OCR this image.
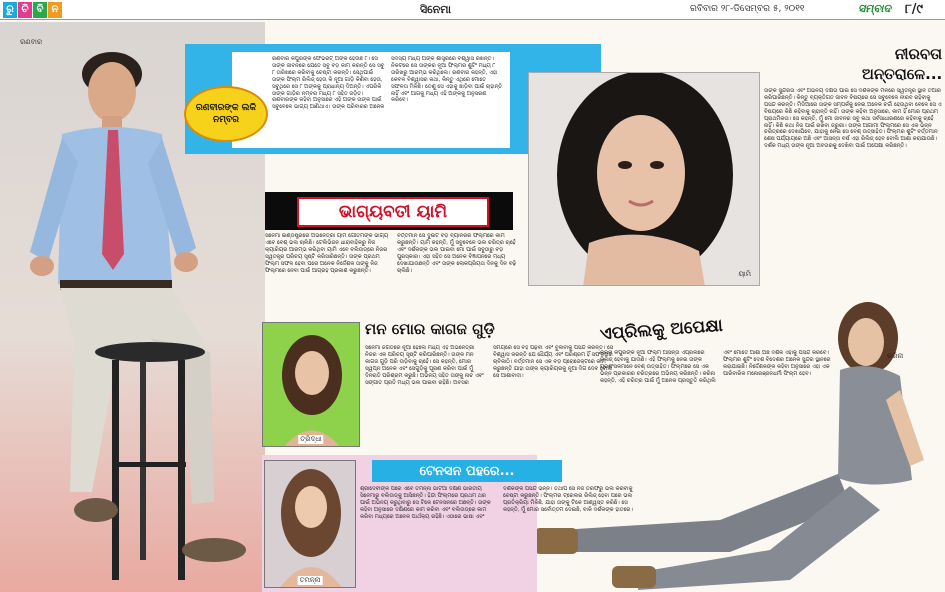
ରୁ ଚି ବି ନ	ସିନେମା	ରବିବାର ୨୮-ଡିସେମ୍ବର ୫, ୨୦୧୧	ସମ୍ବାଦ ୮/୯
ରଣବୀର
ରଣବୀରଙ୍କ ଲକି ନମ୍ବର
ରଣବୀର କପୁରଙ୍କ ଫେଭରିଟ୍ ଅଙ୍କ ହେଉଛି ୮। ସେ ତାଙ୍କ ଜୀବନରେ ଯେତେ ସବୁ ବଡ଼ କାମ କରନ୍ତି ସେ ସବୁ ୮ ତାରିଖରେ କରିବାକୁ ଚେଷ୍ଟା କରନ୍ତି। ସେଥିପାଇଁ ତାଙ୍କ ଫିଲ୍ମ ରିଲିଜ୍ ହେଉ କି ନୂଆ ଗାଡ଼ି କିଣିବା ହେଉ, ସବୁଥିରେ ସେ ୮ ଅଙ୍କକୁ ପ୍ରାଧାନ୍ୟ ଦିଅନ୍ତି। ଏପରିକି ତାଙ୍କ ଗାଡ଼ିର ନମ୍ବର ମଧ୍ୟ ୮ ସହିତ ଜଡ଼ିତ। ରଣବୀରଙ୍କ କହିବା ଅନୁସାରେ ଏହି ଅଙ୍କ ତାଙ୍କ ପାଇଁ ସବୁବେଳେ ଭାଗ୍ୟ ଆଣିଥାଏ। ତାଙ୍କ ପରିବାରର ଅନେକ ସଦସ୍ୟ ମଧ୍ୟ ଅଙ୍କ ଶାସ୍ତ୍ରରେ ବିଶ୍ୱାସ ରଖନ୍ତି। ନିକଟରେ ସେ ତାଙ୍କର ନୂଆ ଫିଲ୍ମର ଶୁଟିଂ ମଧ୍ୟ ୮ ତାରିଖରୁ ଆରମ୍ଭ କରିଥିଲେ। ରଣବୀର କହନ୍ତି, ଏହା କେବଳ ବିଶ୍ୱାସର କଥା, କିନ୍ତୁ ଏଥିରେ ମୋତେ ସଫଳତା ମିଳିଛି। ତେଣୁ ସେ ଏହାକୁ ଛାଡ଼ିବା ପାଇଁ ଚାହାନ୍ତି ନାହିଁ ଏବଂ ଆଗକୁ ମଧ୍ୟ ଏହି ଅଙ୍କକୁ ଅନୁସରଣ କରିବେ।
ଭାଗ୍ୟବତୀ ୟାମି
ସିନେମା ଇଣ୍ଡଷ୍ଟ୍ରିରେ ଅଭିନେତ୍ରୀ ୟାମି ଗୌତମଙ୍କ ଭାଗ୍ୟ ଏବେ ବେଶ୍ ଭଲ ଚାଲିଛି। ଟେଲିଭିଜନ ଧାରାବାହିକରୁ ନିଜ କ୍ୟାରିୟର ଆରମ୍ଭ କରିଥିବା ୟାମି ଏବେ ବଲିଉଡ୍‌ରେ ନିଜର ସ୍ୱତନ୍ତ୍ର ପରିଚୟ ସୃଷ୍ଟି କରିସାରିଛନ୍ତି। ତାଙ୍କ ପ୍ରଥମ ଫିଲ୍ମ ସଫଳ ହେବା ପରେ ଅନେକ ନିର୍ଦ୍ଦେଶକ ତାଙ୍କୁ ନିଜ ଫିଲ୍ମରେ ନେବା ପାଇଁ ଆଗ୍ରହ ପ୍ରକାଶ କରୁଛନ୍ତି। ବର୍ତ୍ତମାନ ସେ ଦୁଇଟି ବଡ଼ ବ୍ୟାନରର ଫିଲ୍ମରେ କାମ କରୁଛନ୍ତି। ୟାମି କହନ୍ତି, ମୁଁ ସବୁବେଳେ ଭଲ ଚରିତ୍ର ଚାହେଁ ଏବଂ ଦର୍ଶକଙ୍କ ଭଲ ପାଇବା ମୋ ପାଇଁ ସବୁଠାରୁ ବଡ଼ ପୁରସ୍କାର। ଏହା ସହିତ ସେ ଅନେକ ବିଜ୍ଞାପନରେ ମଧ୍ୟ ଦେଖାଯାଉଛନ୍ତି ଏବଂ ତାଙ୍କ ଲୋକପ୍ରିୟତା ଦିନକୁ ଦିନ ବଢ଼ି ଚାଲିଛି।	ୟାମି
ନୀରବତା
ଅନ୍ତରାଳେ...
ତାଙ୍କ ସୁନ୍ଦରତା ଏବଂ ଅଭିନୟ ଦକ୍ଷତା ପାଇଁ ସେ ଦର୍ଶକଙ୍କ ମନରେ ସ୍ୱତନ୍ତ୍ର ସ୍ଥାନ ତିଆରି କରିପାରିଛନ୍ତି। କିନ୍ତୁ ବ୍ୟକ୍ତିଗତ ଜୀବନ ବିଷୟରେ ସେ ସବୁବେଳେ ନୀରବ ରହିବାକୁ ପସନ୍ଦ କରନ୍ତି। ମିଡିଆରେ ତାଙ୍କ ସମ୍ପର୍କକୁ ନେଇ ଅନେକ ଚର୍ଚ୍ଚା ହେଉଥିବା ବେଳେ ସେ ଏ ବିଷୟରେ କିଛି କହିବାକୁ ଚାହାନ୍ତି ନାହିଁ। ତାଙ୍କ କହିବା ଅନୁସାରେ, କାମ ହିଁ ମୋର ପ୍ରଥମ ପ୍ରାଥମିକତା। ସେ କହନ୍ତି, ମୁଁ ମୋ ଜୀବନର ସବୁ କଥା ସର୍ବସାଧାରଣରେ କହିବାକୁ ଚାହେଁ ନାହିଁ। କିଛି କଥା ନିଜ ପାଇଁ ରଖିବା ଜରୁରୀ। ତାଙ୍କ ଆଗାମୀ ଫିଲ୍ମରେ ସେ ଏକ ଭିନ୍ନ ଚରିତ୍ରରେ ଦେଖାଯିବେ, ଯାହାକୁ ନେଇ ସେ ବେଶ୍ ଉତ୍ସାହିତ। ଫିଲ୍ମର ଶୁଟିଂ ବର୍ତ୍ତମାନ ଶେଷ ପର୍ଯ୍ୟାୟରେ ଅଛି ଏବଂ ଆସନ୍ତା ବର୍ଷ ଏହା ରିଲିଜ୍ ହେବ ବୋଲି ଆଶା କରାଯାଉଛି। ଦର୍ଶକ ମଧ୍ୟ ତାଙ୍କ ନୂଆ ଅବତାରକୁ ଦେଖିବା ପାଇଁ ଅପେକ୍ଷା କରିଛନ୍ତି।
ତ୍ରିଦ୍ଧା
ମନ ମୋର କାଗଜ ଗୁଡ଼ି
ସିନେମା ଜଗତରେ ନୂଆ ହେଲେ ମଧ୍ୟ ଏହି ଅଭିନେତ୍ରୀ ନିଜର ଏକ ପରିଚୟ ସୃଷ୍ଟି କରିପାରିଛନ୍ତି। ତାଙ୍କ ମନ କାଗଜ ଗୁଡ଼ି ପରି ଉଡ଼ିବାକୁ ଚାହେଁ। ସେ କହନ୍ତି, ମୋର ସ୍ୱପ୍ନ ଅନେକ ଏବଂ ସେଗୁଡ଼ିକୁ ପୂରଣ କରିବା ପାଇଁ ମୁଁ ଦିନରାତି ପରିଶ୍ରମ କରୁଛି। ଅଭିନୟ ସହିତ ତାଙ୍କୁ ନାଚ ଏବଂ ସଙ୍ଗୀତ ପ୍ରତି ମଧ୍ୟ ଭଲ ପାଇବା ରହିଛି। ଅବସର ସମୟରେ ସେ ବହି ପଢ଼ିବା ଏବଂ ବୁଲିବାକୁ ପସନ୍ଦ କରନ୍ତି। ସେ ବିଶ୍ୱାସ କରନ୍ତି ଯେ ଧୈର୍ଯ୍ୟ ଏବଂ ପରିଶ୍ରମ ହିଁ ସଫଳତାର ଚାବିକାଠି। ବର୍ତ୍ତମାନ ସେ ଏକ ବଡ଼ ପ୍ରୋଜେକ୍ଟରେ କାମ କରୁଛନ୍ତି ଯାହା ତାଙ୍କ କ୍ୟାରିୟରକୁ ନୂଆ ଦିଗ ଦେବ ବୋଲି ସେ ଆଶାବାଦୀ।
ଏପ୍ରିଲକୁ ଅପେକ୍ଷା
କରିନା କପୁରଙ୍କ ନୂଆ ଫିଲ୍ମ ଆସନ୍ତା ଏପ୍ରିଲରେ ରିଲିଜ୍ ହେବାକୁ ଯାଉଛି। ଏହି ଫିଲ୍ମକୁ ନେଇ ତାଙ୍କ ପ୍ରଶଂସକମାନେ ବେଶ୍ ଉତ୍ସାହିତ। ଫିଲ୍ମରେ ସେ ଏକ ଭିନ୍ନ ପ୍ରକାରର ଚରିତ୍ରରେ ଅଭିନୟ କରିଛନ୍ତି। କରିନା କହନ୍ତି, ଏହି ଚରିତ୍ର ପାଇଁ ମୁଁ ଅନେକ ପ୍ରସ୍ତୁତି କରିଥିଲି ଏବଂ ମୋତେ ଆଶା ଅଛି ଦର୍ଶକ ଏହାକୁ ପସନ୍ଦ କରିବେ। ଫିଲ୍ମର ଶୁଟିଂ ଦେଶ ବିଦେଶର ଅନେକ ସୁନ୍ଦର ସ୍ଥାନରେ କରାଯାଇଛି। ନିର୍ଦ୍ଦେଶକଙ୍କ କହିବା ଅନୁସାରେ ଏହା ଏକ ପାରିବାରିକ ମନୋରଞ୍ଜନଧର୍ମୀ ଫିଲ୍ମ ହେବ।
କରିନା
ତମନ୍ନା
ଟେନସନ ପହରେ...
ଶ୍ରୀଦେବୀଙ୍କ ପରେ ଏବେ ତମନ୍ନା ଭାଟିଆ ଦକ୍ଷିଣ ଭାରତୀୟ ସିନେମାରୁ ବଲିଉଡ୍‌କୁ ଆସିଛନ୍ତି। ହିନ୍ଦୀ ଫିଲ୍ମରେ ପ୍ରଥମ ଥର ପାଇଁ ଅଭିନୟ କରୁଥିବାରୁ ସେ ଟିକେ ଟେନସନରେ ଅଛନ୍ତି। ତାଙ୍କ କହିବା ଅନୁସାରେ ଦକ୍ଷିଣରେ କାମ କରିବା ଏବଂ ବଲିଉଡ୍‌ରେ କାମ କରିବା ମଧ୍ୟରେ ଅନେକ ପାର୍ଥକ୍ୟ ରହିଛି। ଏଠାରେ ଭାଷା ଏବଂ ଦର୍ଶକଙ୍କ ପସନ୍ଦ ଭିନ୍ନ। ତଥାପି ସେ ନିଜ ତରଫରୁ ଭଲ କରିବାକୁ ଚେଷ୍ଟା କରୁଛନ୍ତି। ଫିଲ୍ମର ଟ୍ରେଲର ରିଲିଜ୍ ହେବା ପରେ ଭଲ ପ୍ରତିକ୍ରିୟା ମିଳିଛି, ଯାହା ତାଙ୍କୁ ଟିକେ ଆଶ୍ୱସ୍ତ କରିଛି। ସେ କହନ୍ତି, ମୁଁ ମୋର ସର୍ବୋତ୍ତମ ଦେଇଛି, ବାକି ଦର୍ଶକଙ୍କ ହାତରେ।
